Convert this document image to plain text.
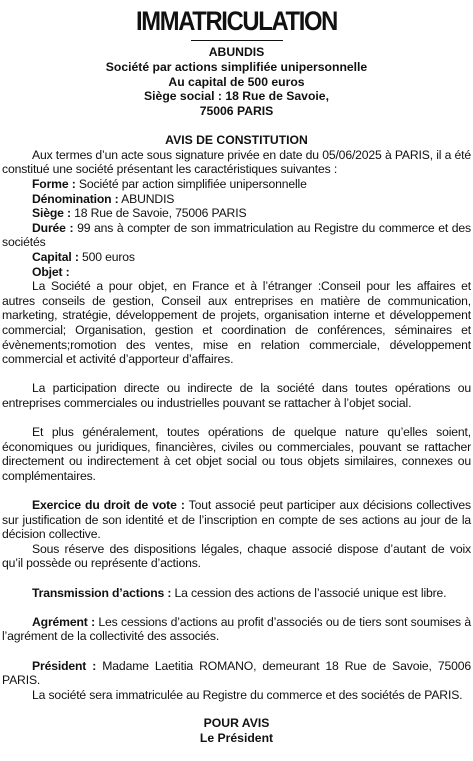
IMMATRICULATION
ABUNDIS
Société par actions simplifiée unipersonnelle
Au capital de 500 euros
Siège social : 18 Rue de Savoie,
75006 PARIS
AVIS DE CONSTITUTION
Aux termes d’un acte sous signature privée en date du 05/06/2025 à PARIS, il a été constitué une société présentant les caractéristiques suivantes :
Forme : Société par action simplifiée unipersonnelle
Dénomination : ABUNDIS
Siège : 18 Rue de Savoie, 75006 PARIS
Durée : 99 ans à compter de son immatriculation au Registre du commerce et des sociétés
Capital : 500 euros
Objet :
La Société a pour objet, en France et à l’étranger :Conseil pour les affaires et autres conseils de gestion, Conseil aux entreprises en matière de communication, marketing, stratégie, développement de projets, organisation interne et développement commercial; Organisation, gestion et coordination de conférences, séminaires et évènements;romotion des ventes, mise en relation commerciale, développement commercial et activité d’apporteur d’affaires.
La participation directe ou indirecte de la société dans toutes opérations ou entreprises commerciales ou industrielles pouvant se rattacher à l’objet social.
Et plus généralement, toutes opérations de quelque nature qu’elles soient, économiques ou juridiques, financières, civiles ou commerciales, pouvant se rattacher directement ou indirectement à cet objet social ou tous objets similaires, connexes ou complémentaires.
Exercice du droit de vote : Tout associé peut participer aux décisions collectives sur justification de son identité et de l’inscription en compte de ses actions au jour de la décision collective.
Sous réserve des dispositions légales, chaque associé dispose d’autant de voix qu’il possède ou représente d’actions.
Transmission d’actions : La cession des actions de l’associé unique est libre.
Agrément : Les cessions d’actions au profit d’associés ou de tiers sont soumises à l’agrément de la collectivité des associés.
Président : Madame Laetitia ROMANO, demeurant 18 Rue de Savoie, 75006 PARIS.
La société sera immatriculée au Registre du commerce et des sociétés de PARIS.
POUR AVIS
Le Président
